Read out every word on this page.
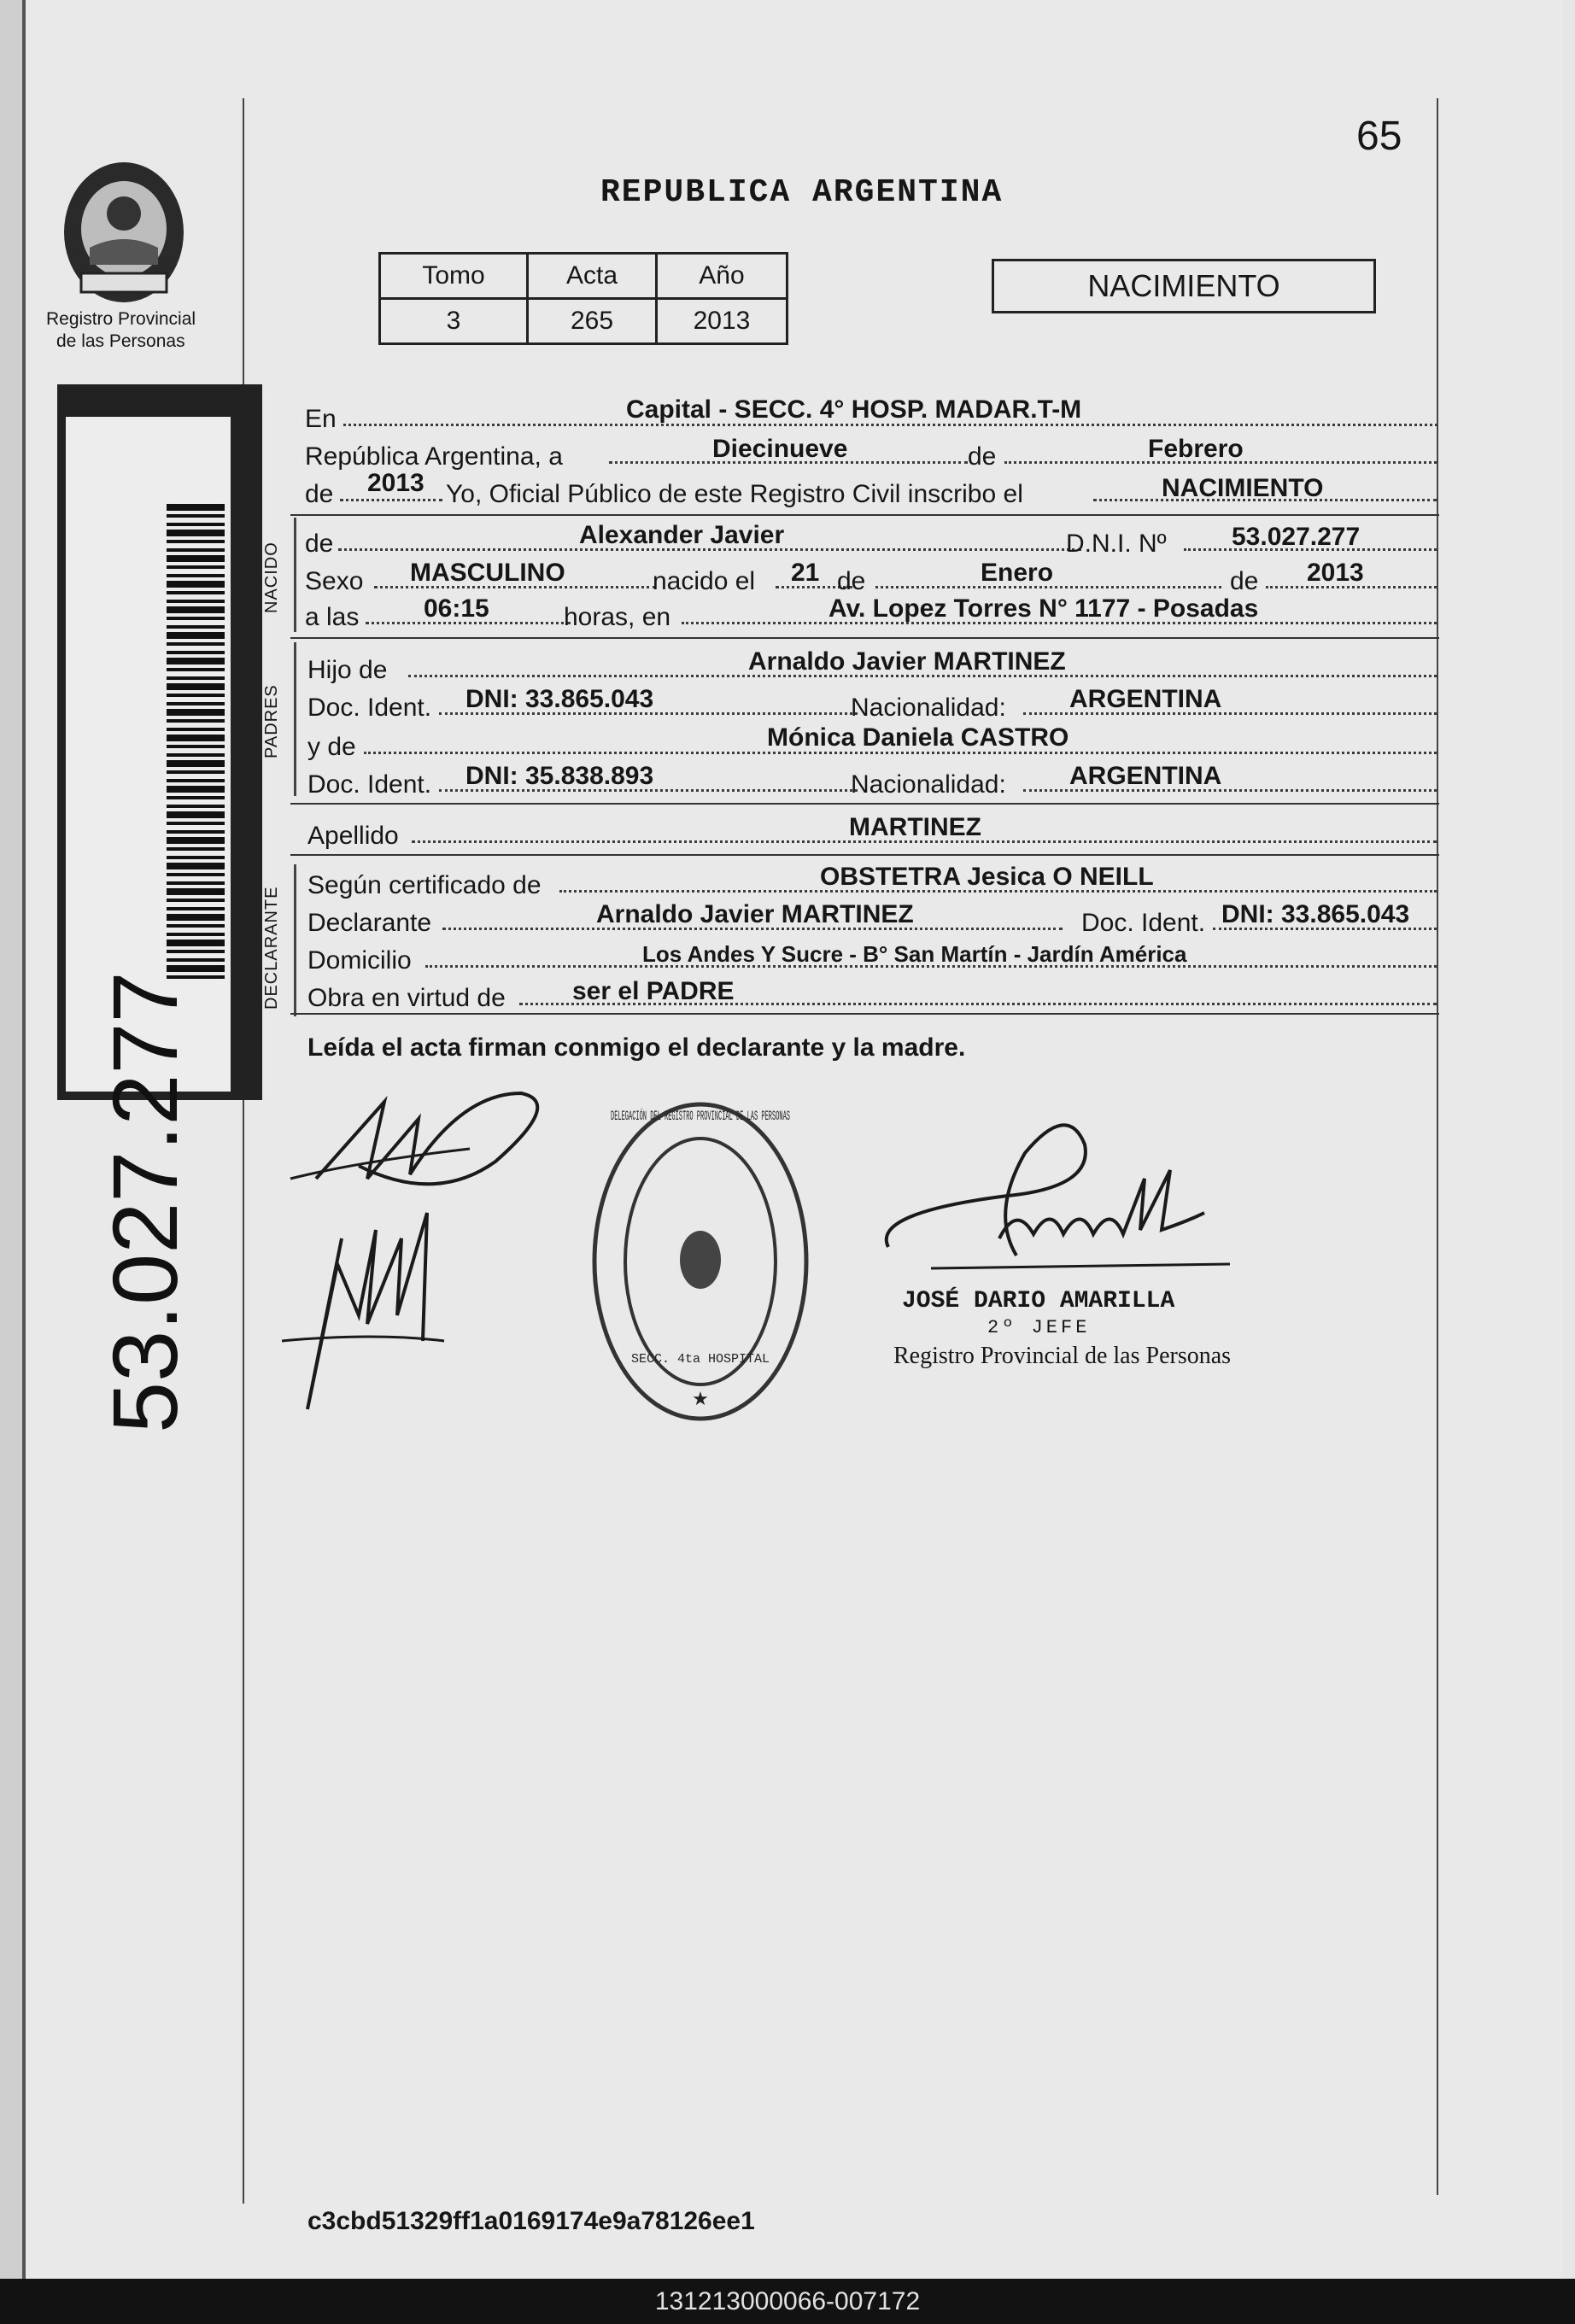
65
REPUBLICA ARGENTINA
Registro Provincial
de las Personas
53.027.277
Tomo	Acta	Año
3	265	2013
NACIMIENTO
En	Capital - SECC. 4° HOSP. MADAR.T-M
República Argentina, a	Diecinueve	de	Febrero
de 2013 Yo, Oficial Público de este Registro Civil inscribo el	NACIMIENTO
NACIDO de	Alexander Javier	D.N.I. Nº	53.027.277
Sexo MASCULINO	nacido el 21 de	Enero	de 2013
a las	06:15	horas, en	Av. Lopez Torres N° 1177 - Posadas
PADRES
Hijo de	Arnaldo Javier MARTINEZ
Doc. Ident. DNI: 33.865.043	Nacionalidad: ARGENTINA
y de	Mónica Daniela CASTRO
Doc. Ident. DNI: 35.838.893	Nacionalidad: ARGENTINA
Apellido	MARTINEZ
DECLARANTE
Según certificado de	OBSTETRA Jesica O NEILL
Declarante	Arnaldo Javier MARTINEZ	Doc. Ident. DNI: 33.865.043
Domicilio	Los Andes Y Sucre - B° San Martín - Jardín América
Obra en virtud de	ser el PADRE
Leída el acta firman conmigo el declarante y la madre.
DELEGACIÓN DEL REGISTRO PROVINCIAL DE LAS PERSONAS
SECC. 4ta HOSPITAL
★
JOSÉ DARIO AMARILLA
2º JEFE
Registro Provincial de las Personas
c3cbd51329ff1a0169174e9a78126ee1
131213000066-007172
